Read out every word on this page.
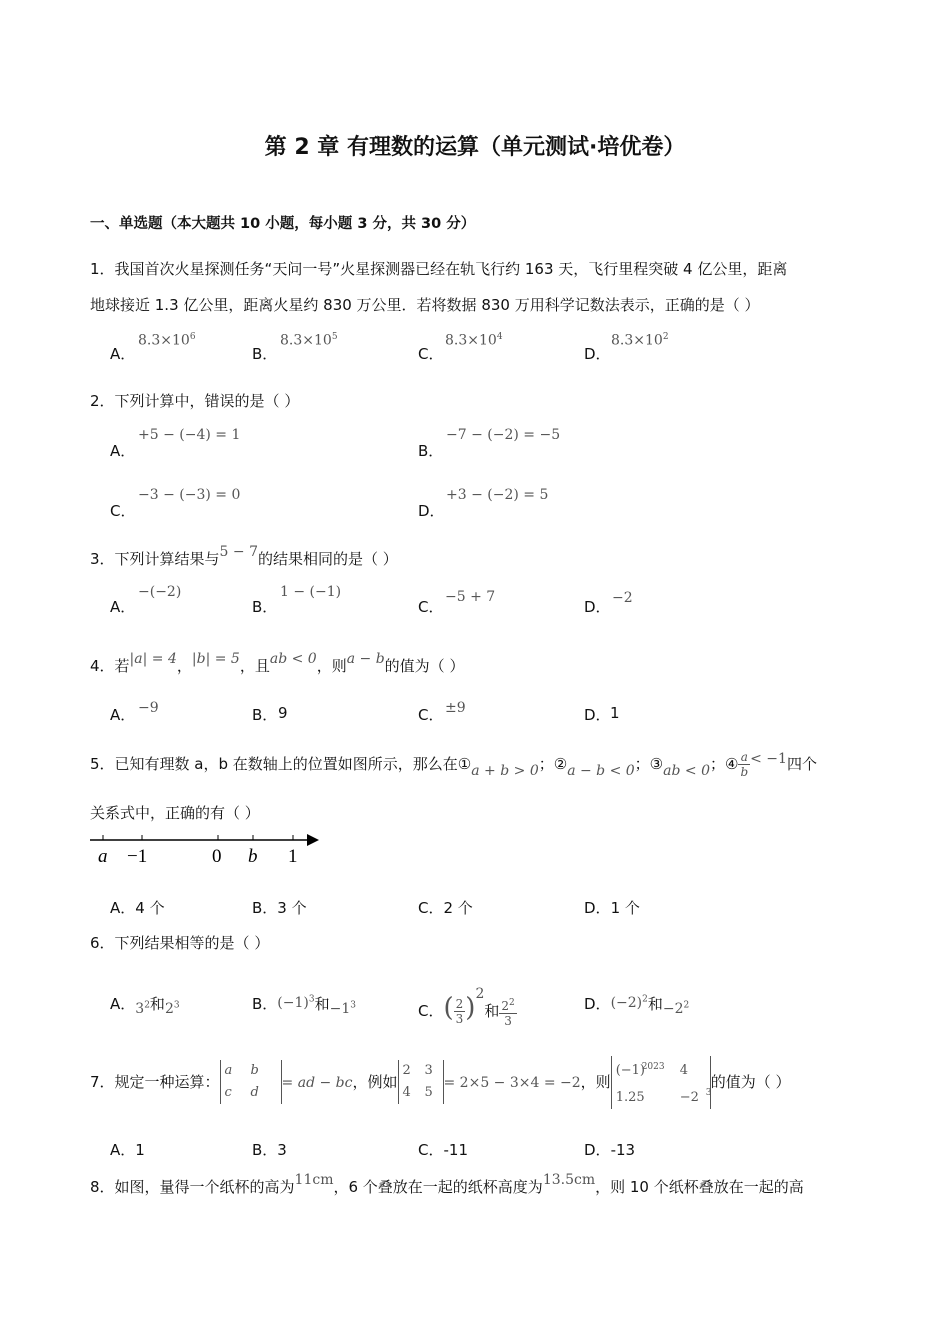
第 2 章 有理数的运算（单元测试·培优卷）
一、单选题（本大题共 10 小题，每小题 3 分，共 30 分）
1．我国首次火星探测任务“天问一号”火星探测器已经在轨飞行约 163 天，飞行里程突破 4 亿公里，距离
地球接近 1.3 亿公里，距离火星约 830 万公里．若将数据 830 万用科学记数法表示，正确的是（ ）
A．
$8.3\times 10^6$
B．
$8.3\times 10^5$
C．
$8.3\times 10^4$
D．
$8.3\times 10^2$
2．下列计算中，错误的是（ ）
A．
+5 − (−4) = 1
B．
−7 − (−2) = −5
C．
−3 − (−3) = 0
D．
+3 − (−2) = 5
3．下列计算结果与5 − 7的结果相同的是（ ）
A．
−(−2)
B．
1 − (−1)
C．
−5 + 7
D． −2
4．若|a| = 4，|b| = 5，且ab < 0，则a − b的值为（ ）
A． −9	B． 9	C． ±9	D． 1
5．已知有理数 a，b 在数轴上的位置如图所示，那么在①a + b > 0；②a − b < 0；③ab < 0；④ $\frac{a}{b} < -1$四个
关系式中，正确的有（ ）
a −1	0 b 1
A．4 个	B．3 个	C．2 个	D．1 个
6．下列结果相等的是（ ）
A．$3^2$和$2^3$	B．$(-1)^3$和$-1^3$	C．( $\frac{2}{3} )^2$和 $\frac{2^2}{3}$	D．$(-2)^2$和$-2^2$
7．规定一种运算：a b
c d= ad − bc，例如2 3
4 5= 2×5 − 3×4 = −2，则$(-1)^{2023}$ 4
1.25	−2 $^3$的值为（ ）
A．1	B．3	C．-11	D．-13
8．如图，量得一个纸杯的高为11cm，6 个叠放在一起的纸杯高度为13.5cm，则 10 个纸杯叠放在一起的高
